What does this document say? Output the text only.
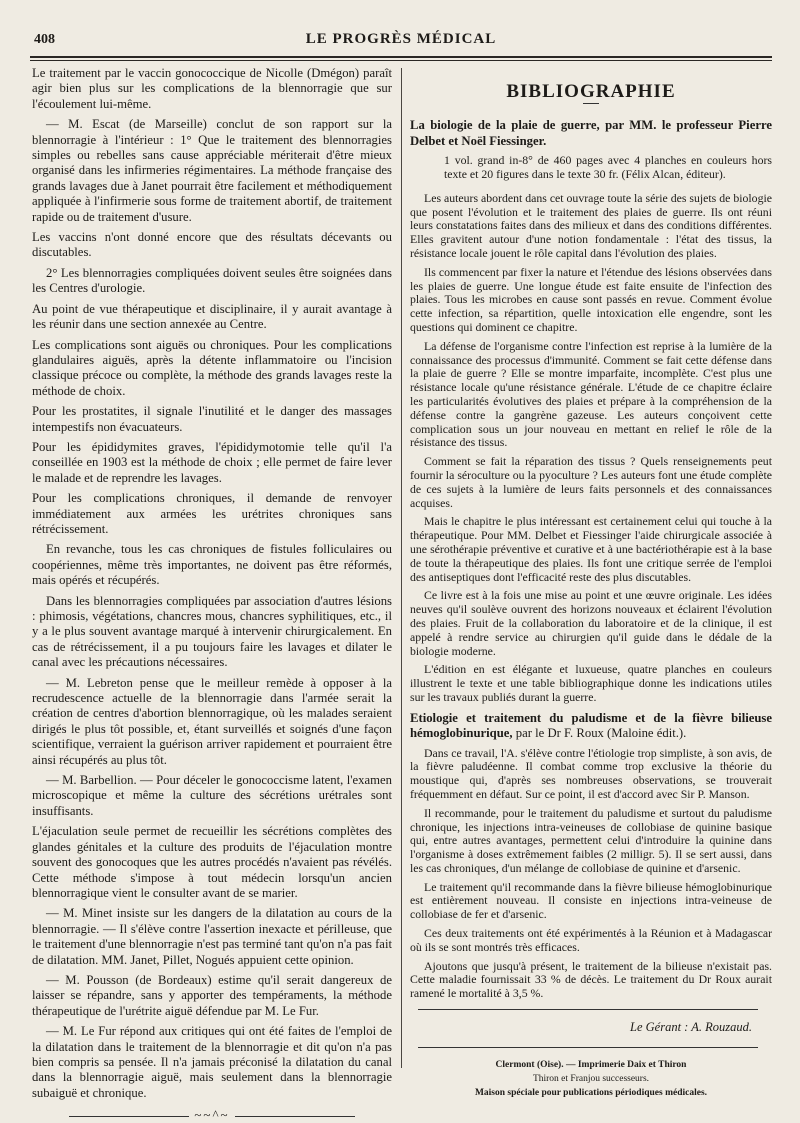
408	LE PROGRÈS MÉDICAL

Le traitement par le vaccin gonococcique de Nicolle (Dmégon) paraît agir bien plus sur les complications de la blennorragie que sur l'écoulement lui-même.

— M. Escat (de Marseille) conclut de son rapport sur la blennorragie à l'intérieur : 1° Que le traitement des blennorragies simples ou rebelles sans cause appréciable mériterait d'être mieux organisé dans les infirmeries régimentaires. La méthode française des grands lavages due à Janet pourrait être facilement et méthodiquement appliquée à l'infirmerie sous forme de traitement abortif, de traitement rapide ou de traitement d'usure.

Les vaccins n'ont donné encore que des résultats décevants ou discutables.

2° Les blennorragies compliquées doivent seules être soignées dans les Centres d'urologie.

Au point de vue thérapeutique et disciplinaire, il y aurait avantage à les réunir dans une section annexée au Centre.

Les complications sont aiguës ou chroniques. Pour les complications glandulaires aiguës, après la détente inflammatoire ou l'incision classique précoce ou complète, la méthode des grands lavages reste la méthode de choix.

Pour les prostatites, il signale l'inutilité et le danger des massages intempestifs non évacuateurs.

Pour les épididymites graves, l'épididymotomie telle qu'il l'a conseillée en 1903 est la méthode de choix ; elle permet de faire lever le malade et de reprendre les lavages.

Pour les complications chroniques, il demande de renvoyer immédiatement aux armées les urétrites chroniques sans rétrécissement.

En revanche, tous les cas chroniques de fistules folliculaires ou coopériennes, même très importantes, ne doivent pas être réformés, mais opérés et récupérés.

Dans les blennorragies compliquées par association d'autres lésions : phimosis, végétations, chancres mous, chancres syphilitiques, etc., il y a le plus souvent avantage marqué à intervenir chirurgicalement. En cas de rétrécissement, il a pu toujours faire les lavages et dilater le canal avec les précautions nécessaires.

— M. Lebreton pense que le meilleur remède à opposer à la recrudescence actuelle de la blennorragie dans l'armée serait la création de centres d'abortion blennorragique, où les malades seraient dirigés le plus tôt possible, et, étant surveillés et soignés d'une façon scientifique, verraient la guérison arriver rapidement et pourraient être ainsi récupérés au plus tôt.

— M. Barbellion. — Pour déceler le gonococcisme latent, l'examen microscopique et même la culture des sécrétions urétrales sont insuffisants.

L'éjaculation seule permet de recueillir les sécrétions complètes des glandes génitales et la culture des produits de l'éjaculation montre souvent des gonocoques que les autres procédés n'avaient pas révélés. Cette méthode s'impose à tout médecin lorsqu'un ancien blennorragique vient le consulter avant de se marier.

— M. Minet insiste sur les dangers de la dilatation au cours de la blennorragie. — Il s'élève contre l'assertion inexacte et périlleuse, que le traitement d'une blennorragie n'est pas terminé tant qu'on n'a pas fait de dilatation. MM. Janet, Pillet, Nogués appuient cette opinion.

— M. Pousson (de Bordeaux) estime qu'il serait dangereux de laisser se répandre, sans y apporter des tempéraments, la méthode thérapeutique de l'urétrite aiguë défendue par M. Le Fur.

— M. Le Fur répond aux critiques qui ont été faites de l'emploi de la dilatation dans le traitement de la blennorragie et dit qu'on n'a pas bien compris sa pensée. Il n'a jamais préconisé la dilatation du canal dans la blennorragie aiguë, mais seulement dans la blennorragie subaiguë et chronique.

~~^~
BIBLIOGRAPHIE

La biologie de la plaie de guerre, par MM. le professeur Pierre Delbet et Noël Fiessinger.

1 vol. grand in-8° de 460 pages avec 4 planches en couleurs hors texte et 20 figures dans le texte 30 fr. (Félix Alcan, éditeur).

Les auteurs abordent dans cet ouvrage toute la série des sujets de biologie que posent l'évolution et le traitement des plaies de guerre. Ils ont réuni leurs constatations faites dans des milieux et dans des conditions différentes. Elles gravitent autour d'une notion fondamentale : l'état des tissus, la résistance locale jouent le rôle capital dans l'évolution des plaies.

Ils commencent par fixer la nature et l'étendue des lésions observées dans les plaies de guerre. Une longue étude est faite ensuite de l'infection des plaies. Tous les microbes en cause sont passés en revue. Comment évolue cette infection, sa répartition, quelle intoxication elle engendre, sont les questions qui dominent ce chapitre.

La défense de l'organisme contre l'infection est reprise à la lumière de la connaissance des processus d'immunité. Comment se fait cette défense dans la plaie de guerre ? Elle se montre imparfaite, incomplète. C'est plus une résistance locale qu'une résistance générale. L'étude de ce chapitre éclaire les particularités évolutives des plaies et prépare à la compréhension de la défense contre la gangrène gazeuse. Les auteurs conçoivent cette complication sous un jour nouveau en mettant en relief le rôle de la résistance des tissus.

Comment se fait la réparation des tissus ? Quels renseignements peut fournir la séroculture ou la pyoculture ? Les auteurs font une étude complète de ces sujets à la lumière de leurs faits personnels et des connaissances acquises.

Mais le chapitre le plus intéressant est certainement celui qui touche à la thérapeutique. Pour MM. Delbet et Fiessinger l'aide chirurgicale associée à une sérothérapie préventive et curative et à une bactériothérapie est à la base de toute la thérapeutique des plaies. Ils font une critique serrée de l'emploi des antiseptiques dont l'efficacité reste des plus discutables.

Ce livre est à la fois une mise au point et une œuvre originale. Les idées neuves qu'il soulève ouvrent des horizons nouveaux et éclairent l'évolution des plaies. Fruit de la collaboration du laboratoire et de la clinique, il est appelé à rendre service au chirurgien qu'il guide dans le dédale de la biologie moderne.

L'édition en est élégante et luxueuse, quatre planches en couleurs illustrent le texte et une table bibliographique donne les indications utiles sur les travaux publiés durant la guerre.

Etiologie et traitement du paludisme et de la fièvre bilieuse hémoglobinurique, par le Dr F. Roux (Maloine édit.).

Dans ce travail, l'A. s'élève contre l'étiologie trop simpliste, à son avis, de la fièvre paludéenne. Il combat comme trop exclusive la théorie du moustique qui, d'après ses nombreuses observations, se trouverait fréquemment en défaut. Sur ce point, il est d'accord avec Sir P. Manson.

Il recommande, pour le traitement du paludisme et surtout du paludisme chronique, les injections intra-veineuses de collobiase de quinine basique qui, entre autres avantages, permettent celui d'introduire la quinine dans l'organisme à doses extrêmement faibles (2 milligr. 5). Il se sert aussi, dans les cas chroniques, d'un mélange de collobiase de quinine et d'arsenic.

Le traitement qu'il recommande dans la fièvre bilieuse hémoglobinurique est entièrement nouveau. Il consiste en injections intra-veineuse de collobiase de fer et d'arsenic.

Ces deux traitements ont été expérimentés à la Réunion et à Madagascar où ils se sont montrés très efficaces.

Ajoutons que jusqu'à présent, le traitement de la bilieuse n'existait pas. Cette maladie fournissait 33 % de décès. Le traitement du Dr Roux aurait ramené le mortalité à 3,5 %.

Le Gérant : A. Rouzaud.
Clermont (Oise). — Imprimerie Daix et Thiron
Thiron et Franjou successeurs.
Maison spéciale pour publications périodiques médicales.
